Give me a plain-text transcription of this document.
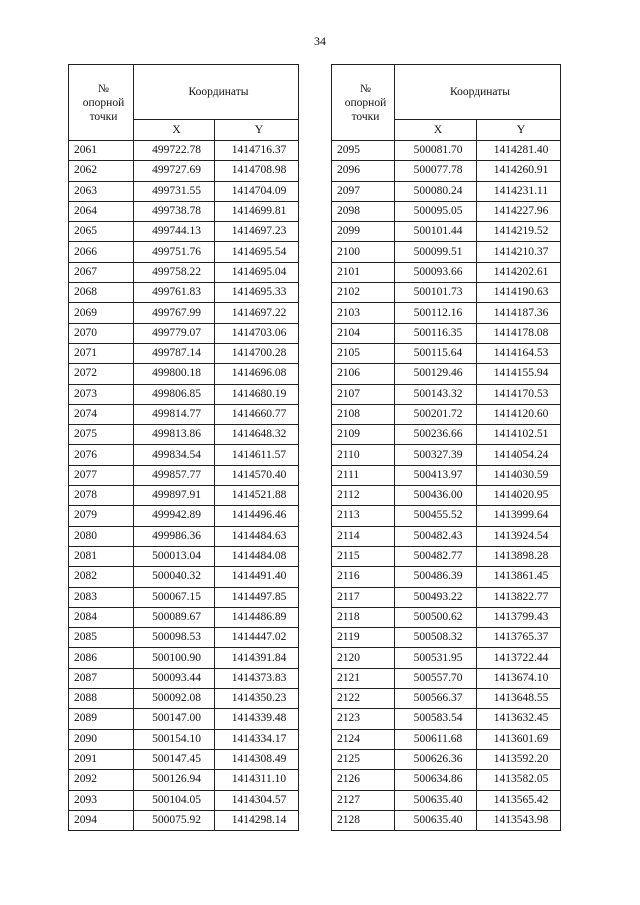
34
№
опорной
точки	Координаты	
	X	Y
2061	499722.78	1414716.37
2062	499727.69	1414708.98
2063	499731.55	1414704.09
2064	499738.78	1414699.81
2065	499744.13	1414697.23
2066	499751.76	1414695.54
2067	499758.22	1414695.04
2068	499761.83	1414695.33
2069	499767.99	1414697.22
2070	499779.07	1414703.06
2071	499787.14	1414700.28
2072	499800.18	1414696.08
2073	499806.85	1414680.19
2074	499814.77	1414660.77
2075	499813.86	1414648.32
2076	499834.54	1414611.57
2077	499857.77	1414570.40
2078	499897.91	1414521.88
2079	499942.89	1414496.46
2080	499986.36	1414484.63
2081	500013.04	1414484.08
2082	500040.32	1414491.40
2083	500067.15	1414497.85
2084	500089.67	1414486.89
2085	500098.53	1414447.02
2086	500100.90	1414391.84
2087	500093.44	1414373.83
2088	500092.08	1414350.23
2089	500147.00	1414339.48
2090	500154.10	1414334.17
2091	500147.45	1414308.49
2092	500126.94	1414311.10
2093	500104.05	1414304.57
2094	500075.92	1414298.14
№
опорной
точки	Координаты	
	X	Y
2095	500081.70	1414281.40
2096	500077.78	1414260.91
2097	500080.24	1414231.11
2098	500095.05	1414227.96
2099	500101.44	1414219.52
2100	500099.51	1414210.37
2101	500093.66	1414202.61
2102	500101.73	1414190.63
2103	500112.16	1414187.36
2104	500116.35	1414178.08
2105	500115.64	1414164.53
2106	500129.46	1414155.94
2107	500143.32	1414170.53
2108	500201.72	1414120.60
2109	500236.66	1414102.51
2110	500327.39	1414054.24
2111	500413.97	1414030.59
2112	500436.00	1414020.95
2113	500455.52	1413999.64
2114	500482.43	1413924.54
2115	500482.77	1413898.28
2116	500486.39	1413861.45
2117	500493.22	1413822.77
2118	500500.62	1413799.43
2119	500508.32	1413765.37
2120	500531.95	1413722.44
2121	500557.70	1413674.10
2122	500566.37	1413648.55
2123	500583.54	1413632.45
2124	500611.68	1413601.69
2125	500626.36	1413592.20
2126	500634.86	1413582.05
2127	500635.40	1413565.42
2128	500635.40	1413543.98
